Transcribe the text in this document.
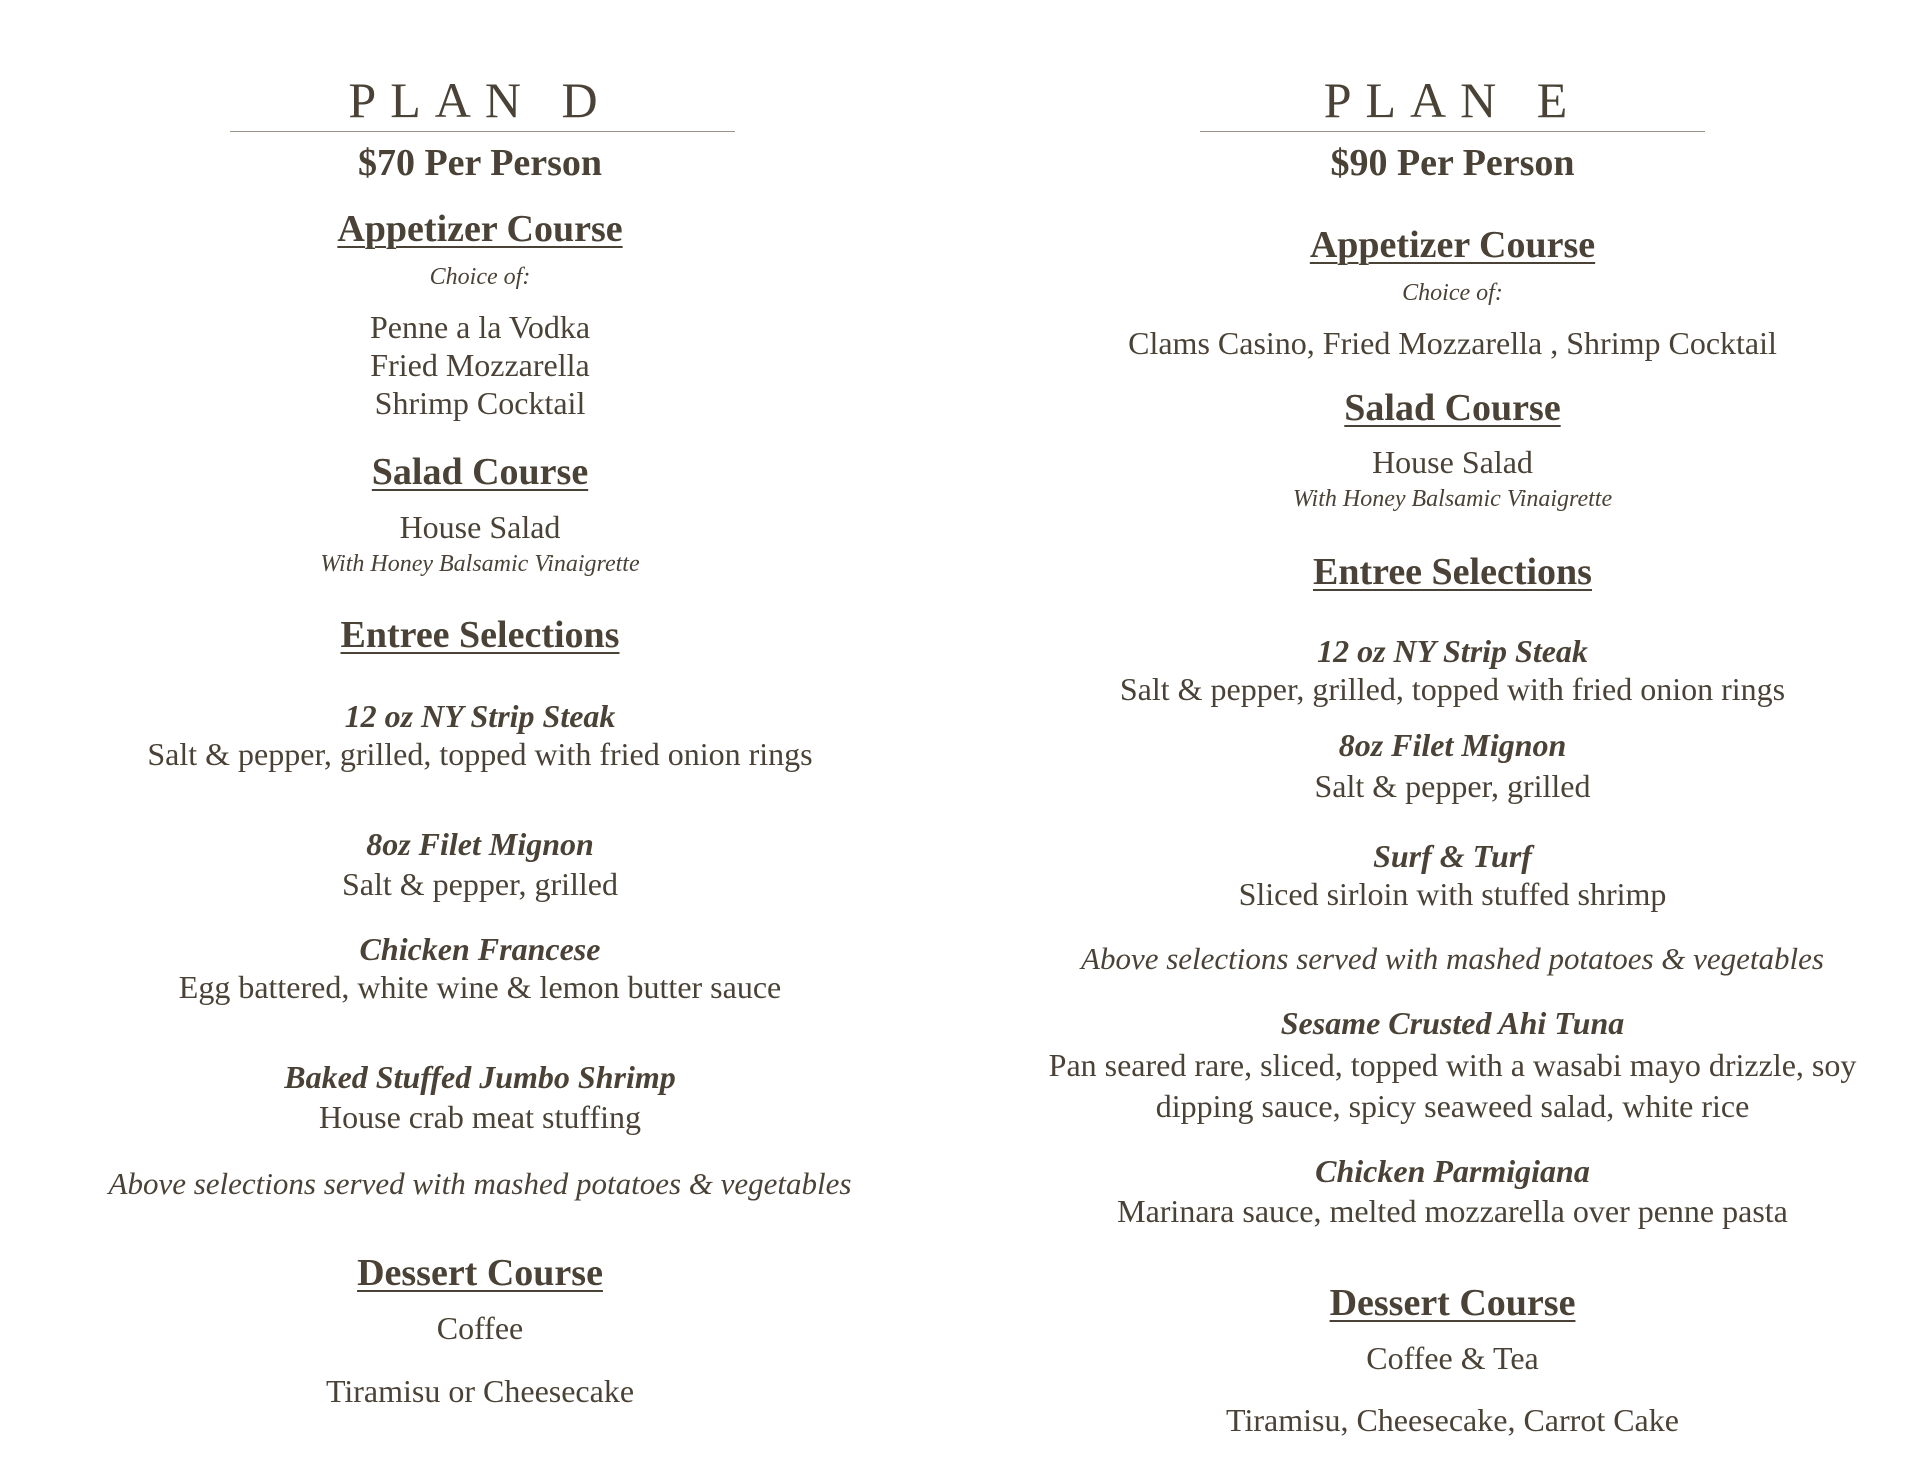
PLAN D
$70 Per Person
Appetizer Course
Choice of:
Penne a la Vodka
Fried Mozzarella
Shrimp Cocktail
Salad Course
House Salad
With Honey Balsamic Vinaigrette
Entree Selections
12 oz NY Strip Steak
Salt & pepper, grilled, topped with fried onion rings
8oz Filet Mignon
Salt & pepper, grilled
Chicken Francese
Egg battered, white wine & lemon butter sauce
Baked Stuffed Jumbo Shrimp
House crab meat stuffing
Above selections served with mashed potatoes & vegetables
Dessert Course
Coffee
Tiramisu or Cheesecake
PLAN E
$90 Per Person
Appetizer Course
Choice of:
Clams Casino, Fried Mozzarella , Shrimp Cocktail
Salad Course
House Salad
With Honey Balsamic Vinaigrette
Entree Selections
12 oz NY Strip Steak
Salt & pepper, grilled, topped with fried onion rings
8oz Filet Mignon
Salt & pepper, grilled
Surf & Turf
Sliced sirloin with stuffed shrimp
Above selections served with mashed potatoes & vegetables
Sesame Crusted Ahi Tuna
Pan seared rare, sliced, topped with a wasabi mayo drizzle, soy
dipping sauce, spicy seaweed salad, white rice
Chicken Parmigiana
Marinara sauce, melted mozzarella over penne pasta
Dessert Course
Coffee & Tea
Tiramisu, Cheesecake, Carrot Cake
